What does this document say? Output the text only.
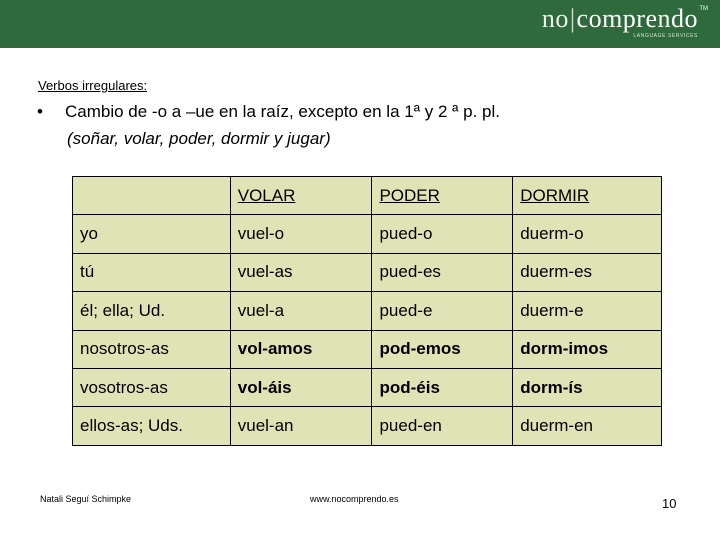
no|comprendo TM
LANGUAGE SERVICES
Verbos irregulares:
• Cambio de -o a –ue en la raíz, excepto en la 1ª y 2 ª p. pl.
(soñar, volar, poder, dormir y jugar)
	VOLAR	PODER	DORMIR
yo	vuel-o	pued-o	duerm-o
tú	vuel-as	pued-es	duerm-es
él; ella; Ud.	vuel-a	pued-e	duerm-e
nosotros-as	vol-amos	pod-emos	dorm-imos
vosotros-as	vol-áis	pod-éis	dorm-ís
ellos-as; Uds.	vuel-an	pued-en	duerm-en
Natali Seguí Schimpke	www.nocomprendo.es	10
